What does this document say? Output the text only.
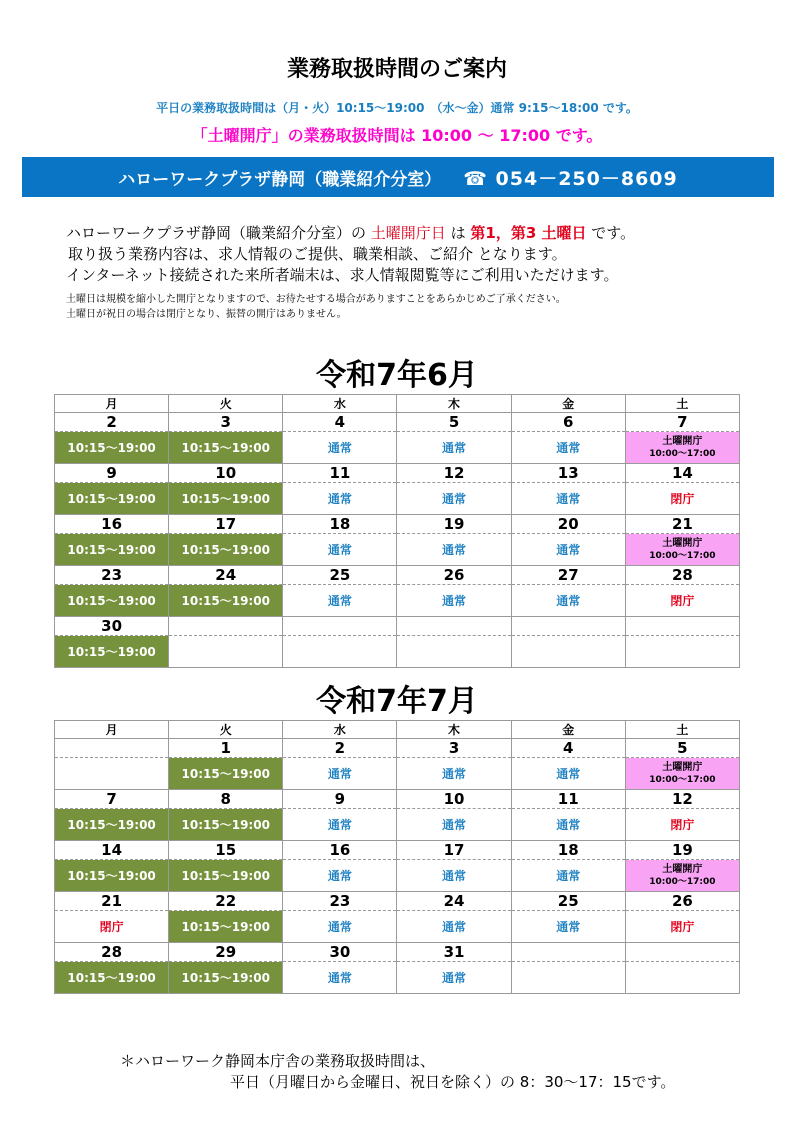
業務取扱時間のご案内
平日の業務取扱時間は（月・火）10:15～19:00　（水～金）通常 9:15～18:00 です。
「土曜開庁」の業務取扱時間は 10:00 ～ 17:00 です。
ハローワークプラザ静岡（職業紹介分室） ☎ 054－250－8609
ハローワークプラザ静岡（職業紹介分室）の 土曜開庁日 は 第1，第3 土曜日 です。
取り扱う業務内容は、求人情報のご提供、職業相談、ご紹介 となります。
インターネット接続された来所者端末は、求人情報閲覧等にご利用いただけます。
土曜日は規模を縮小した開庁となりますので、お待たせする場合がありますことをあらかじめご了承ください。
土曜日が祝日の場合は閉庁となり、振替の開庁はありません。
令和7年6月
月	火	水	木	金	土
2	3	4	5	6	7
10:15～19:00	10:15～19:00	通常	通常	通常	土曜開庁
10:00～17:00

9	10	11	12	13	14
10:15～19:00	10:15～19:00	通常	通常	通常	閉庁
16	17	18	19	20	21
10:15～19:00	10:15～19:00	通常	通常	通常	土曜開庁
10:00～17:00

23	24	25	26	27	28
10:15～19:00	10:15～19:00	通常	通常	通常	閉庁
30					
10:15～19:00					
令和7年7月
月	火	水	木	金	土
	1	2	3	4	5
	10:15～19:00	通常	通常	通常	土曜開庁
10:00～17:00

7	8	9	10	11	12
10:15～19:00	10:15～19:00	通常	通常	通常	閉庁
14	15	16	17	18	19
10:15～19:00	10:15～19:00	通常	通常	通常	土曜開庁
10:00～17:00

21	22	23	24	25	26
閉庁	10:15～19:00	通常	通常	通常	閉庁
28	29	30	31		
10:15～19:00	10:15～19:00	通常	通常		
＊ハローワーク静岡本庁舎の業務取扱時間は、
平日（月曜日から金曜日、祝日を除く）の 8：30～17：15です。
